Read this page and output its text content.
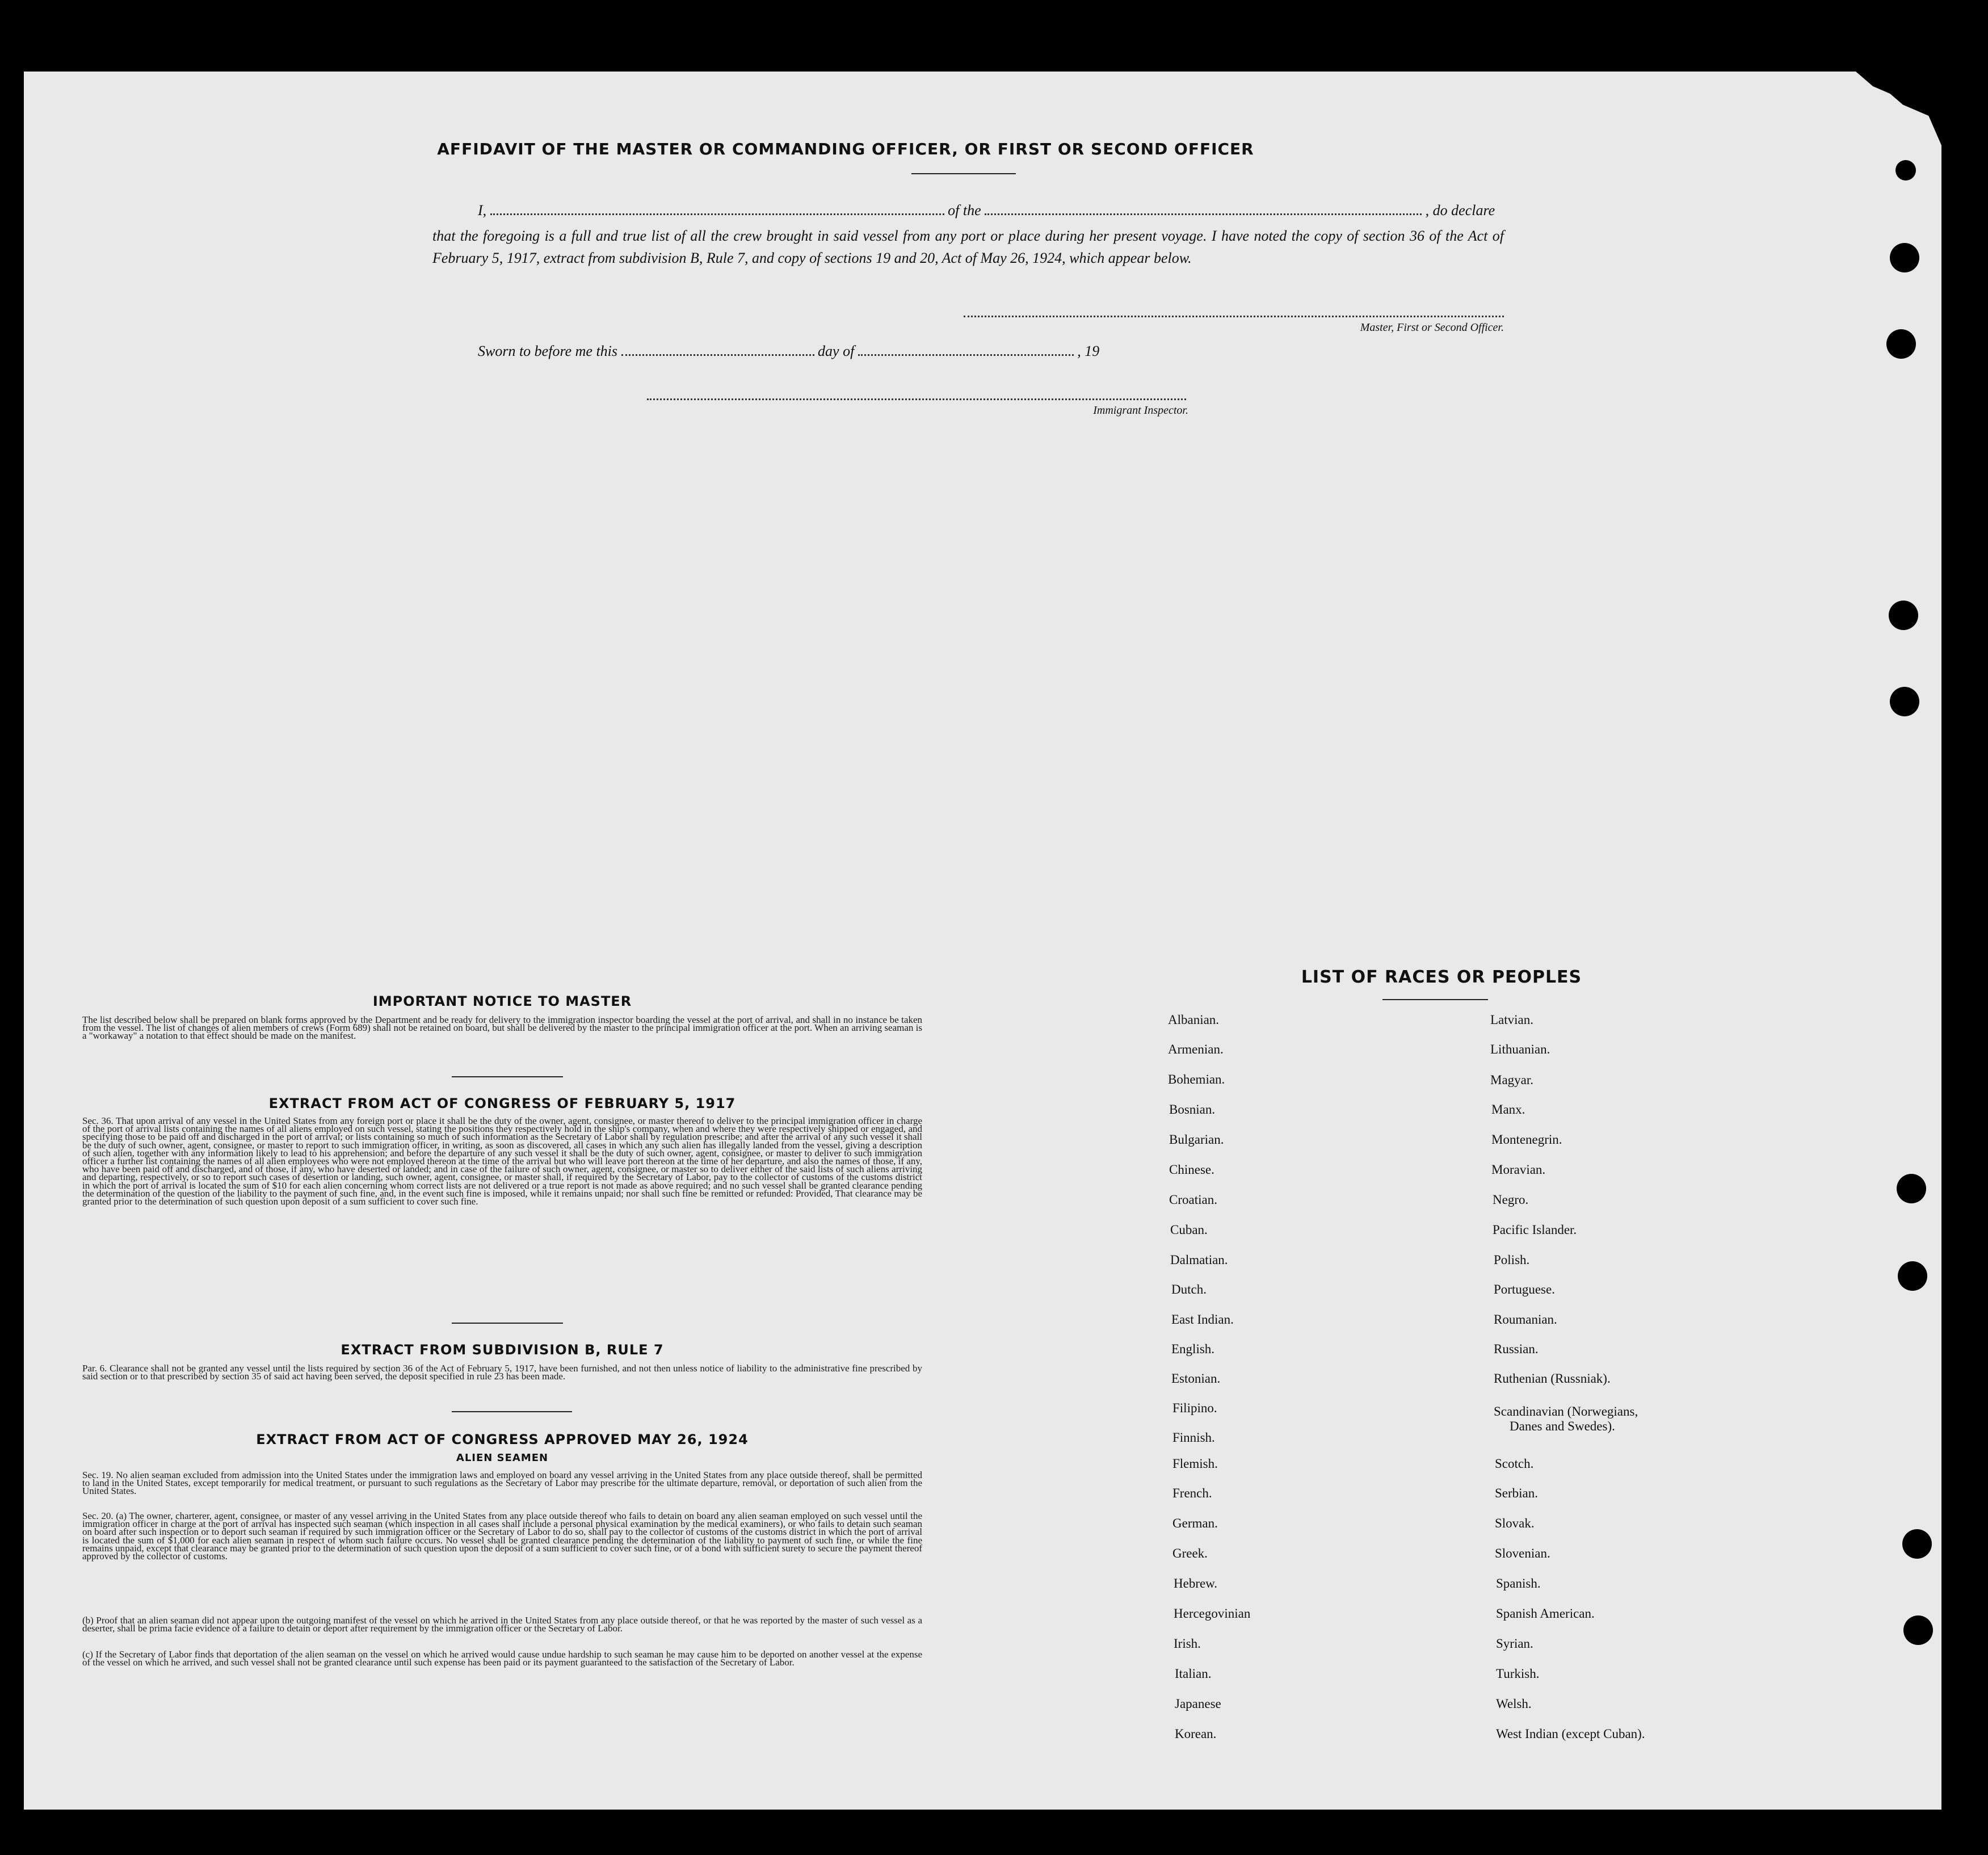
AFFIDAVIT OF THE MASTER OR COMMANDING OFFICER, OR FIRST OR SECOND OFFICER
I,	of the	, do declare
that the foregoing is a full and true list of all the crew brought in said vessel from any port or place during her present voyage. I have noted the copy of section 36 of the Act of February 5, 1917, extract from subdivision B, Rule 7, and copy of sections 19 and 20, Act of May 26, 1924, which appear below.
Master, First or Second Officer.
Sworn to before me this	day of	, 19
Immigrant Inspector.
IMPORTANT NOTICE TO MASTER
The list described below shall be prepared on blank forms approved by the Department and be ready for delivery to the immigration inspector boarding the vessel at the port of arrival, and shall in no instance be taken from the vessel. The list of changes of alien members of crews (Form 689) shall not be retained on board, but shall be delivered by the master to the principal immigration officer at the port. When an arriving seaman is a "workaway" a notation to that effect should be made on the manifest.
EXTRACT FROM ACT OF CONGRESS OF FEBRUARY 5, 1917
Sec. 36. That upon arrival of any vessel in the United States from any foreign port or place it shall be the duty of the owner, agent, consignee, or master thereof to deliver to the principal immigration officer in charge of the port of arrival lists containing the names of all aliens employed on such vessel, stating the positions they respectively hold in the ship's company, when and where they were respectively shipped or engaged, and specifying those to be paid off and discharged in the port of arrival; or lists containing so much of such information as the Secretary of Labor shall by regulation prescribe; and after the arrival of any such vessel it shall be the duty of such owner, agent, consignee, or master to report to such immigration officer, in writing, as soon as discovered, all cases in which any such alien has illegally landed from the vessel, giving a description of such alien, together with any information likely to lead to his apprehension; and before the departure of any such vessel it shall be the duty of such owner, agent, consignee, or master to deliver to such immigration officer a further list containing the names of all alien employees who were not employed thereon at the time of the arrival but who will leave port thereon at the time of her departure, and also the names of those, if any, who have been paid off and discharged, and of those, if any, who have deserted or landed; and in case of the failure of such owner, agent, consignee, or master so to deliver either of the said lists of such aliens arriving and departing, respectively, or so to report such cases of desertion or landing, such owner, agent, consignee, or master shall, if required by the Secretary of Labor, pay to the collector of customs of the customs district in which the port of arrival is located the sum of $10 for each alien concerning whom correct lists are not delivered or a true report is not made as above required; and no such vessel shall be granted clearance pending the determination of the question of the liability to the payment of such fine, and, in the event such fine is imposed, while it remains unpaid; nor shall such fine be remitted or refunded: Provided, That clearance may be granted prior to the determination of such question upon deposit of a sum sufficient to cover such fine.
EXTRACT FROM SUBDIVISION B, RULE 7
Par. 6. Clearance shall not be granted any vessel until the lists required by section 36 of the Act of February 5, 1917, have been furnished, and not then unless notice of liability to the administrative fine prescribed by said section or to that prescribed by section 35 of said act having been served, the deposit specified in rule 23 has been made.
EXTRACT FROM ACT OF CONGRESS APPROVED MAY 26, 1924
ALIEN SEAMEN
Sec. 19. No alien seaman excluded from admission into the United States under the immigration laws and employed on board any vessel arriving in the United States from any place outside thereof, shall be permitted to land in the United States, except temporarily for medical treatment, or pursuant to such regulations as the Secretary of Labor may prescribe for the ultimate departure, removal, or deportation of such alien from the United States.
Sec. 20. (a) The owner, charterer, agent, consignee, or master of any vessel arriving in the United States from any place outside thereof who fails to detain on board any alien seaman employed on such vessel until the immigration officer in charge at the port of arrival has inspected such seaman (which inspection in all cases shall include a personal physical examination by the medical examiners), or who fails to detain such seaman on board after such inspection or to deport such seaman if required by such immigration officer or the Secretary of Labor to do so, shall pay to the collector of customs of the customs district in which the port of arrival is located the sum of $1,000 for each alien seaman in respect of whom such failure occurs. No vessel shall be granted clearance pending the determination of the liability to payment of such fine, or while the fine remains unpaid, except that clearance may be granted prior to the determination of such question upon the deposit of a sum sufficient to cover such fine, or of a bond with sufficient surety to secure the payment thereof approved by the collector of customs.
(b) Proof that an alien seaman did not appear upon the outgoing manifest of the vessel on which he arrived in the United States from any place outside thereof, or that he was reported by the master of such vessel as a deserter, shall be prima facie evidence of a failure to detain or deport after requirement by the immigration officer or the Secretary of Labor.
(c) If the Secretary of Labor finds that deportation of the alien seaman on the vessel on which he arrived would cause undue hardship to such seaman he may cause him to be deported on another vessel at the expense of the vessel on which he arrived, and such vessel shall not be granted clearance until such expense has been paid or its payment guaranteed to the satisfaction of the Secretary of Labor.
LIST OF RACES OR PEOPLES
Albanian.
Armenian.
Bohemian.
Bosnian.
Bulgarian.
Chinese.
Croatian.
Cuban.
Dalmatian.
Dutch.
East Indian.
English.
Estonian.
Filipino.
Finnish.
Flemish.
French.
German.
Greek.
Hebrew.
Hercegovinian
Irish.
Italian.
Japanese
Korean.
Latvian.
Lithuanian.
Magyar.
Manx.
Montenegrin.
Moravian.
Negro.
Pacific Islander.
Polish.
Portuguese.
Roumanian.
Russian.
Ruthenian (Russniak).
Scandinavian (Norwegians,
Danes and Swedes).
Scotch.
Serbian.
Slovak.
Slovenian.
Spanish.
Spanish American.
Syrian.
Turkish.
Welsh.
West Indian (except Cuban).
